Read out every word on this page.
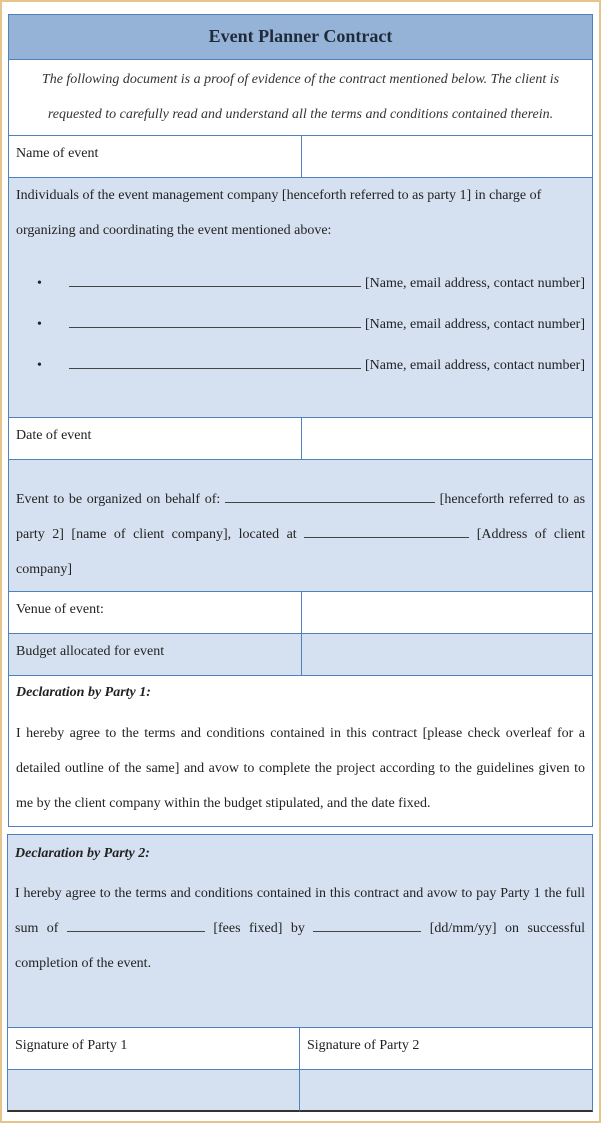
Event Planner Contract
The following document is a proof of evidence of the contract mentioned below. The client is requested to carefully read and understand all the terms and conditions contained therein.
Name of event
Individuals of the event management company [henceforth referred to as party 1] in charge of organizing and coordinating the event mentioned above:
• [Name, email address, contact number]
• [Name, email address, contact number]
• [Name, email address, contact number]
Date of event
Event to be organized on behalf of:	[henceforth referred to as party 2] [name of client company], located at	[Address of client company]
Venue of event:
Budget allocated for event
Declaration by Party 1:
I hereby agree to the terms and conditions contained in this contract [please check overleaf for a detailed outline of the same] and avow to complete the project according to the guidelines given to me by the client company within the budget stipulated, and the date fixed.
Declaration by Party 2:
I hereby agree to the terms and conditions contained in this contract and avow to pay Party 1 the full sum of	[fees fixed] by	[dd/mm/yy] on successful completion of the event.
Signature of Party 1	Signature of Party 2
